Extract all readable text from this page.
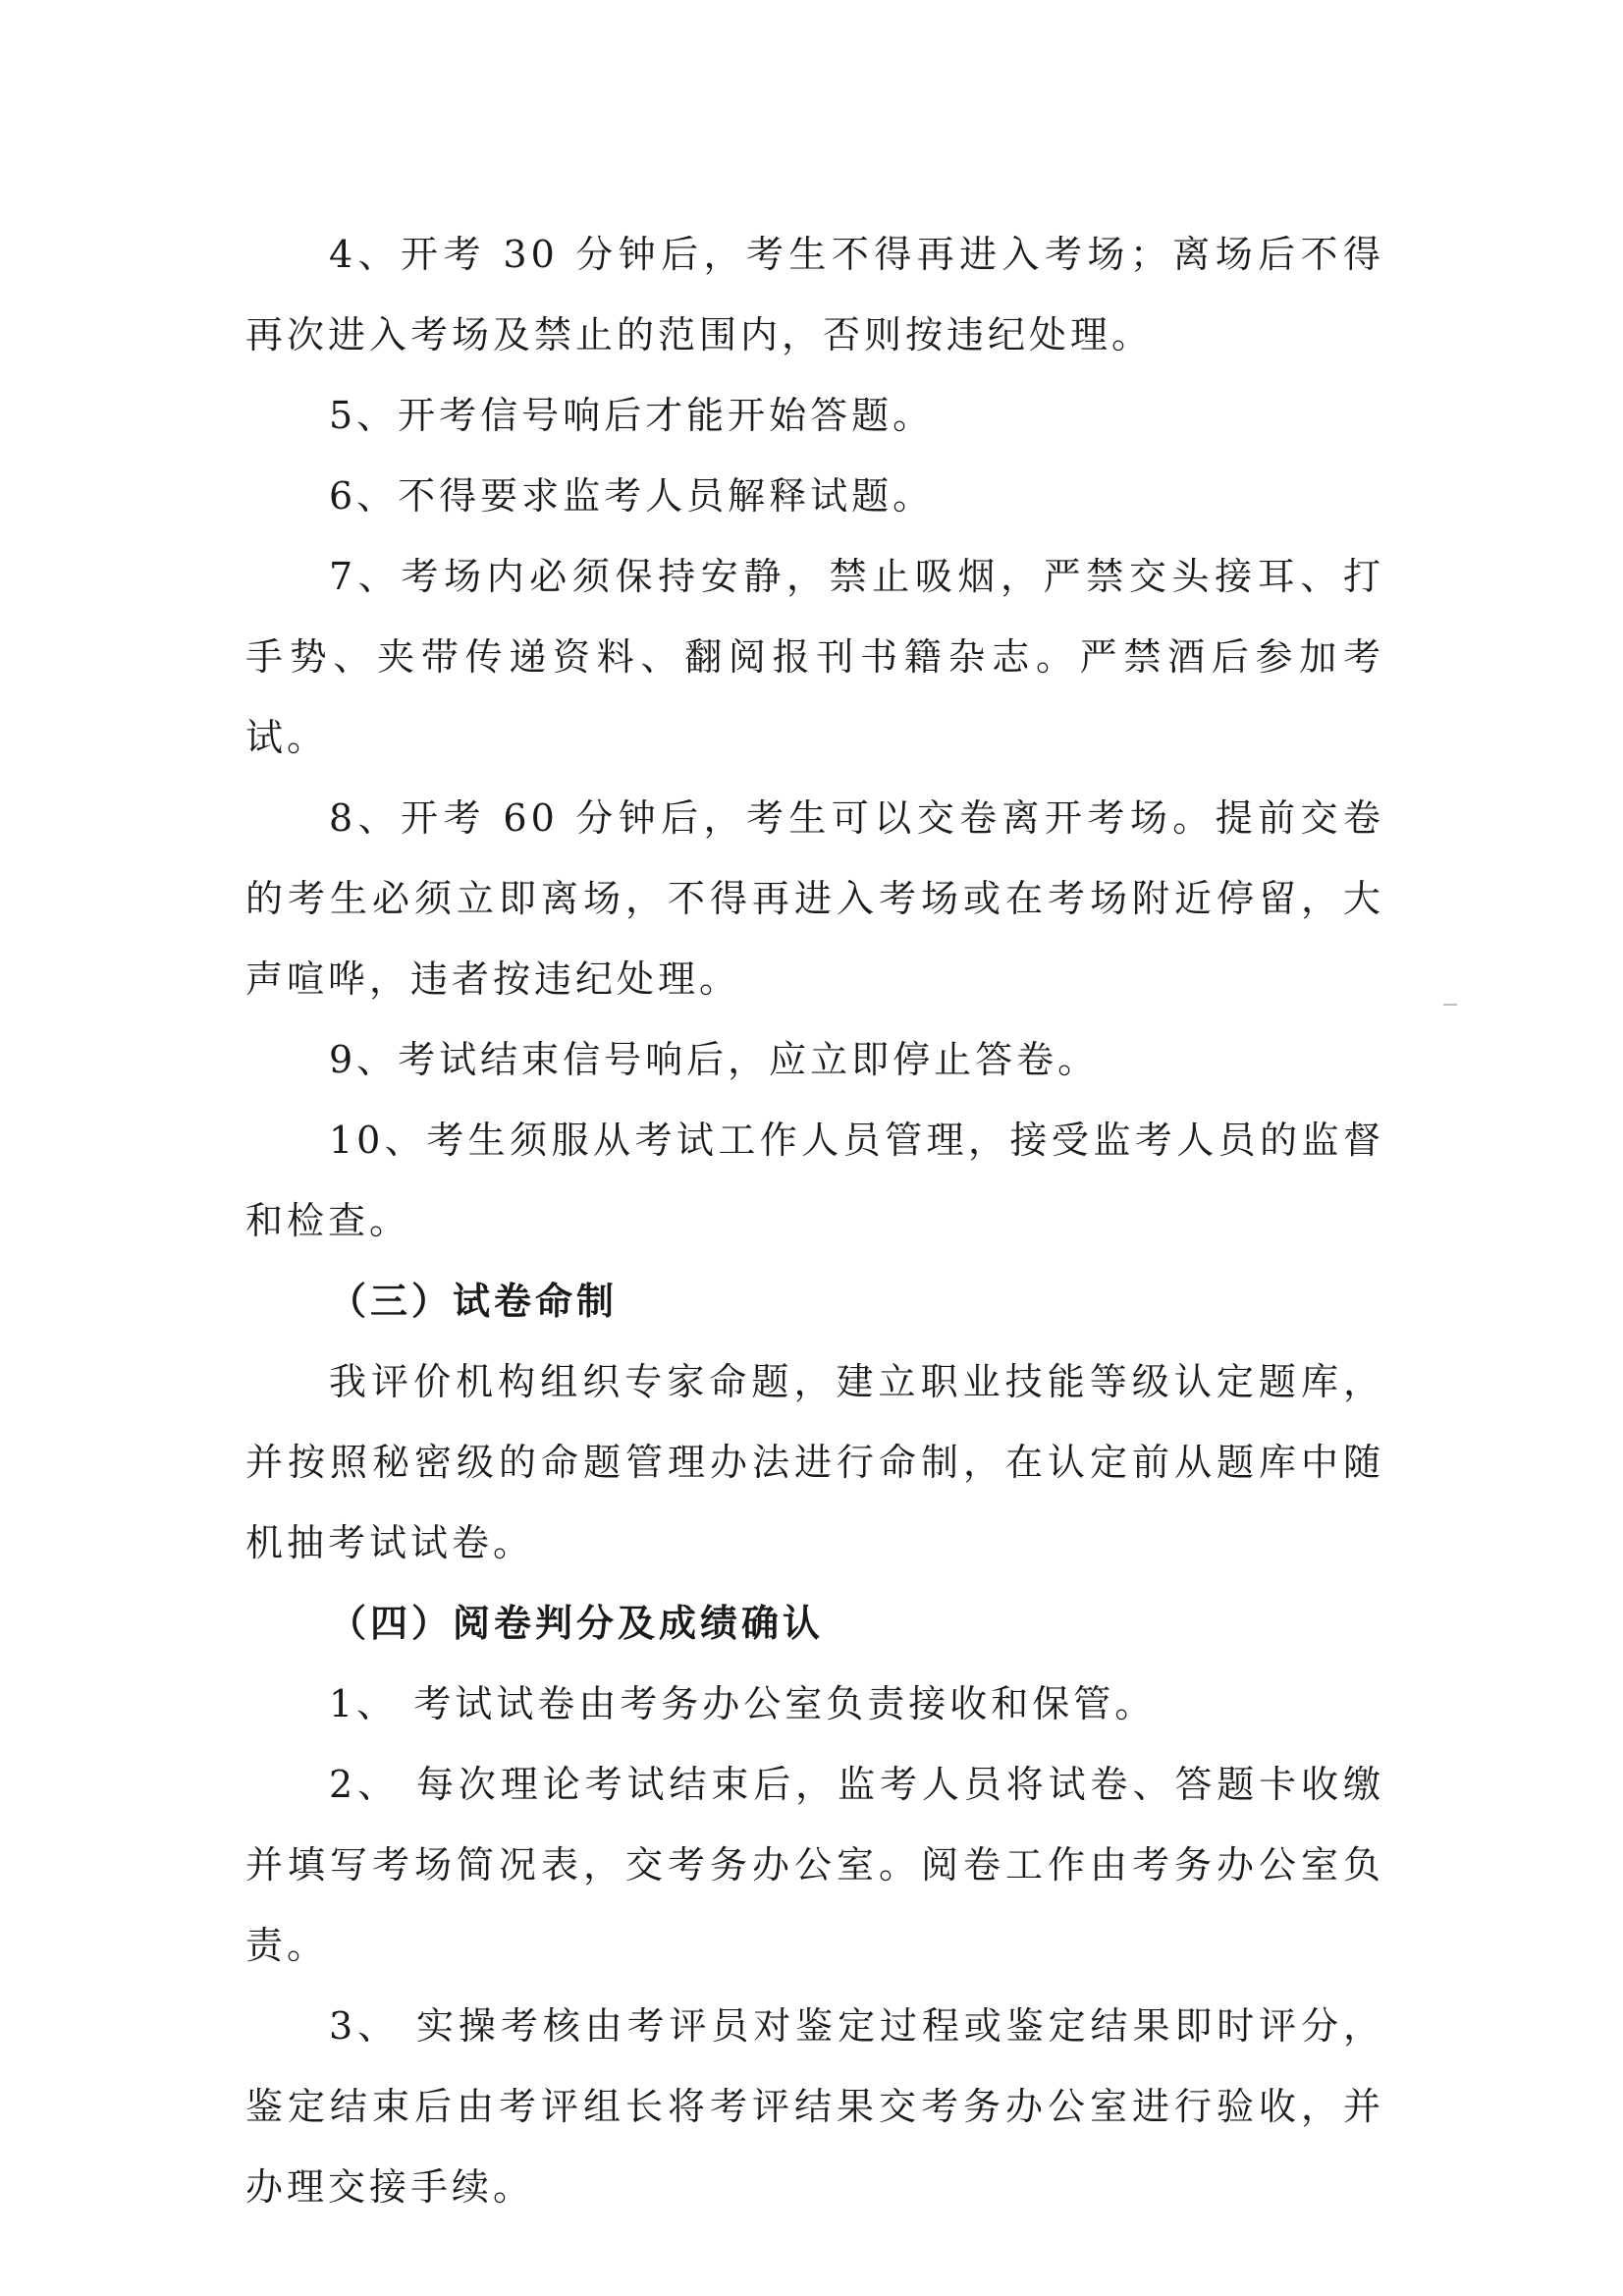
4、开考 30 分钟后，考生不得再进入考场；离场后不得再次进入考场及禁止的范围内，否则按违纪处理。

5、开考信号响后才能开始答题。

6、不得要求监考人员解释试题。

7、考场内必须保持安静，禁止吸烟，严禁交头接耳、打手势、夹带传递资料、翻阅报刊书籍杂志。严禁酒后参加考试。

8、开考 60 分钟后，考生可以交卷离开考场。提前交卷的考生必须立即离场，不得再进入考场或在考场附近停留，大声喧哗，违者按违纪处理。

9、考试结束信号响后，应立即停止答卷。

10、考生须服从考试工作人员管理，接受监考人员的监督和检查。

（三）试卷命制

我评价机构组织专家命题，建立职业技能等级认定题库，并按照秘密级的命题管理办法进行命制，在认定前从题库中随机抽考试试卷。

（四）阅卷判分及成绩确认

1、 考试试卷由考务办公室负责接收和保管。

2、 每次理论考试结束后，监考人员将试卷、答题卡收缴并填写考场简况表，交考务办公室。阅卷工作由考务办公室负责。

3、 实操考核由考评员对鉴定过程或鉴定结果即时评分，鉴定结束后由考评组长将考评结果交考务办公室进行验收，并办理交接手续。
